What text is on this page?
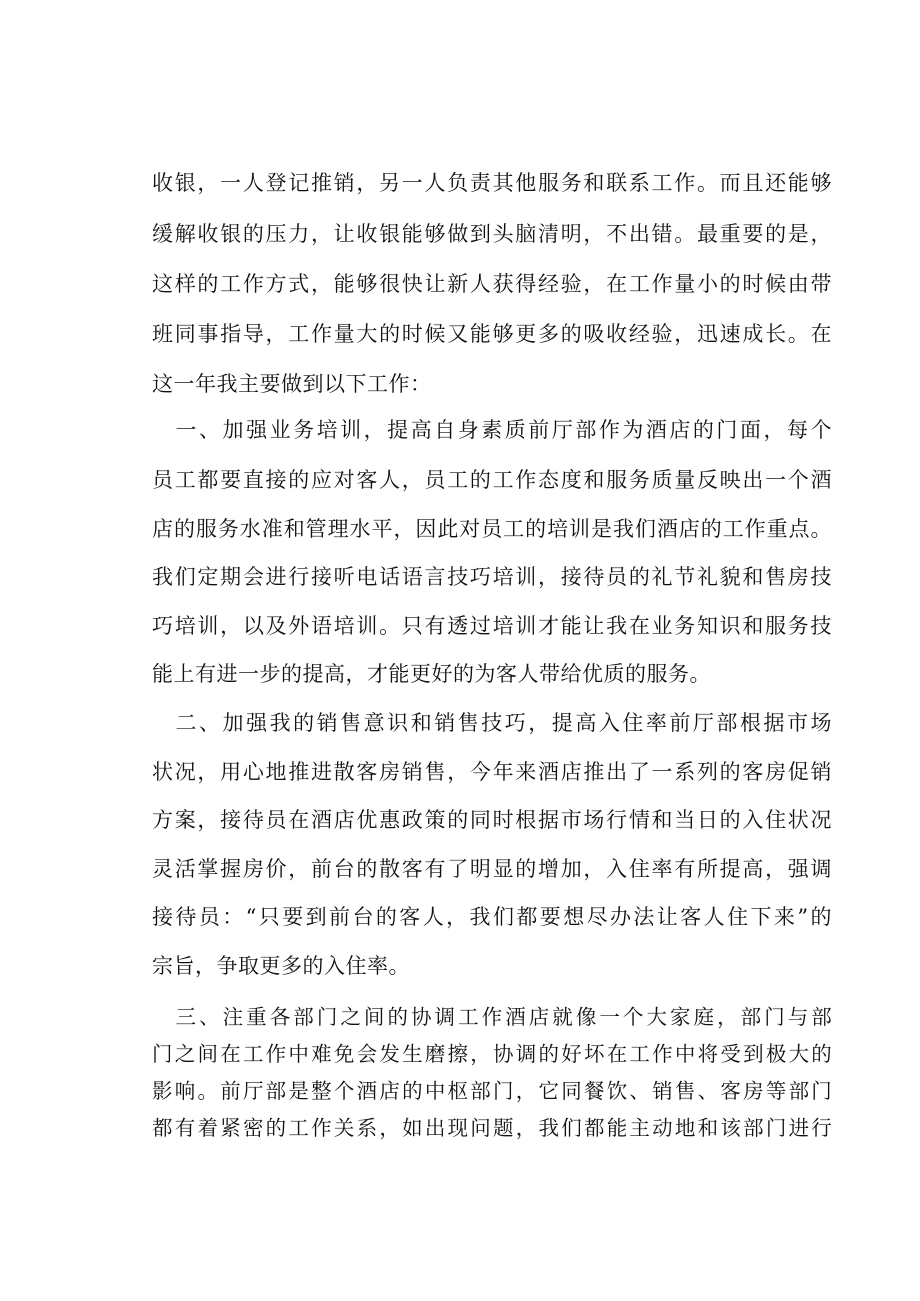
收银，一人登记推销，另一人负责其他服务和联系工作。而且还能够
缓解收银的压力，让收银能够做到头脑清明，不出错。最重要的是，
这样的工作方式，能够很快让新人获得经验，在工作量小的时候由带
班同事指导，工作量大的时候又能够更多的吸收经验，迅速成长。在
这一年我主要做到以下工作：
　一、加强业务培训，提高自身素质前厅部作为酒店的门面，每个
员工都要直接的应对客人，员工的工作态度和服务质量反映出一个酒
店的服务水准和管理水平，因此对员工的培训是我们酒店的工作重点。
我们定期会进行接听电话语言技巧培训，接待员的礼节礼貌和售房技
巧培训，以及外语培训。只有透过培训才能让我在业务知识和服务技
能上有进一步的提高，才能更好的为客人带给优质的服务。
　二、加强我的销售意识和销售技巧，提高入住率前厅部根据市场
状况，用心地推进散客房销售，今年来酒店推出了一系列的客房促销
方案，接待员在酒店优惠政策的同时根据市场行情和当日的入住状况
灵活掌握房价，前台的散客有了明显的增加，入住率有所提高，强调
接待员：“只要到前台的客人，我们都要想尽办法让客人住下来”的
宗旨，争取更多的入住率。
　三、注重各部门之间的协调工作酒店就像一个大家庭，部门与部
门之间在工作中难免会发生磨擦，协调的好坏在工作中将受到极大的
影响。前厅部是整个酒店的中枢部门，它同餐饮、销售、客房等部门
都有着紧密的工作关系，如出现问题，我们都能主动地和该部门进行
